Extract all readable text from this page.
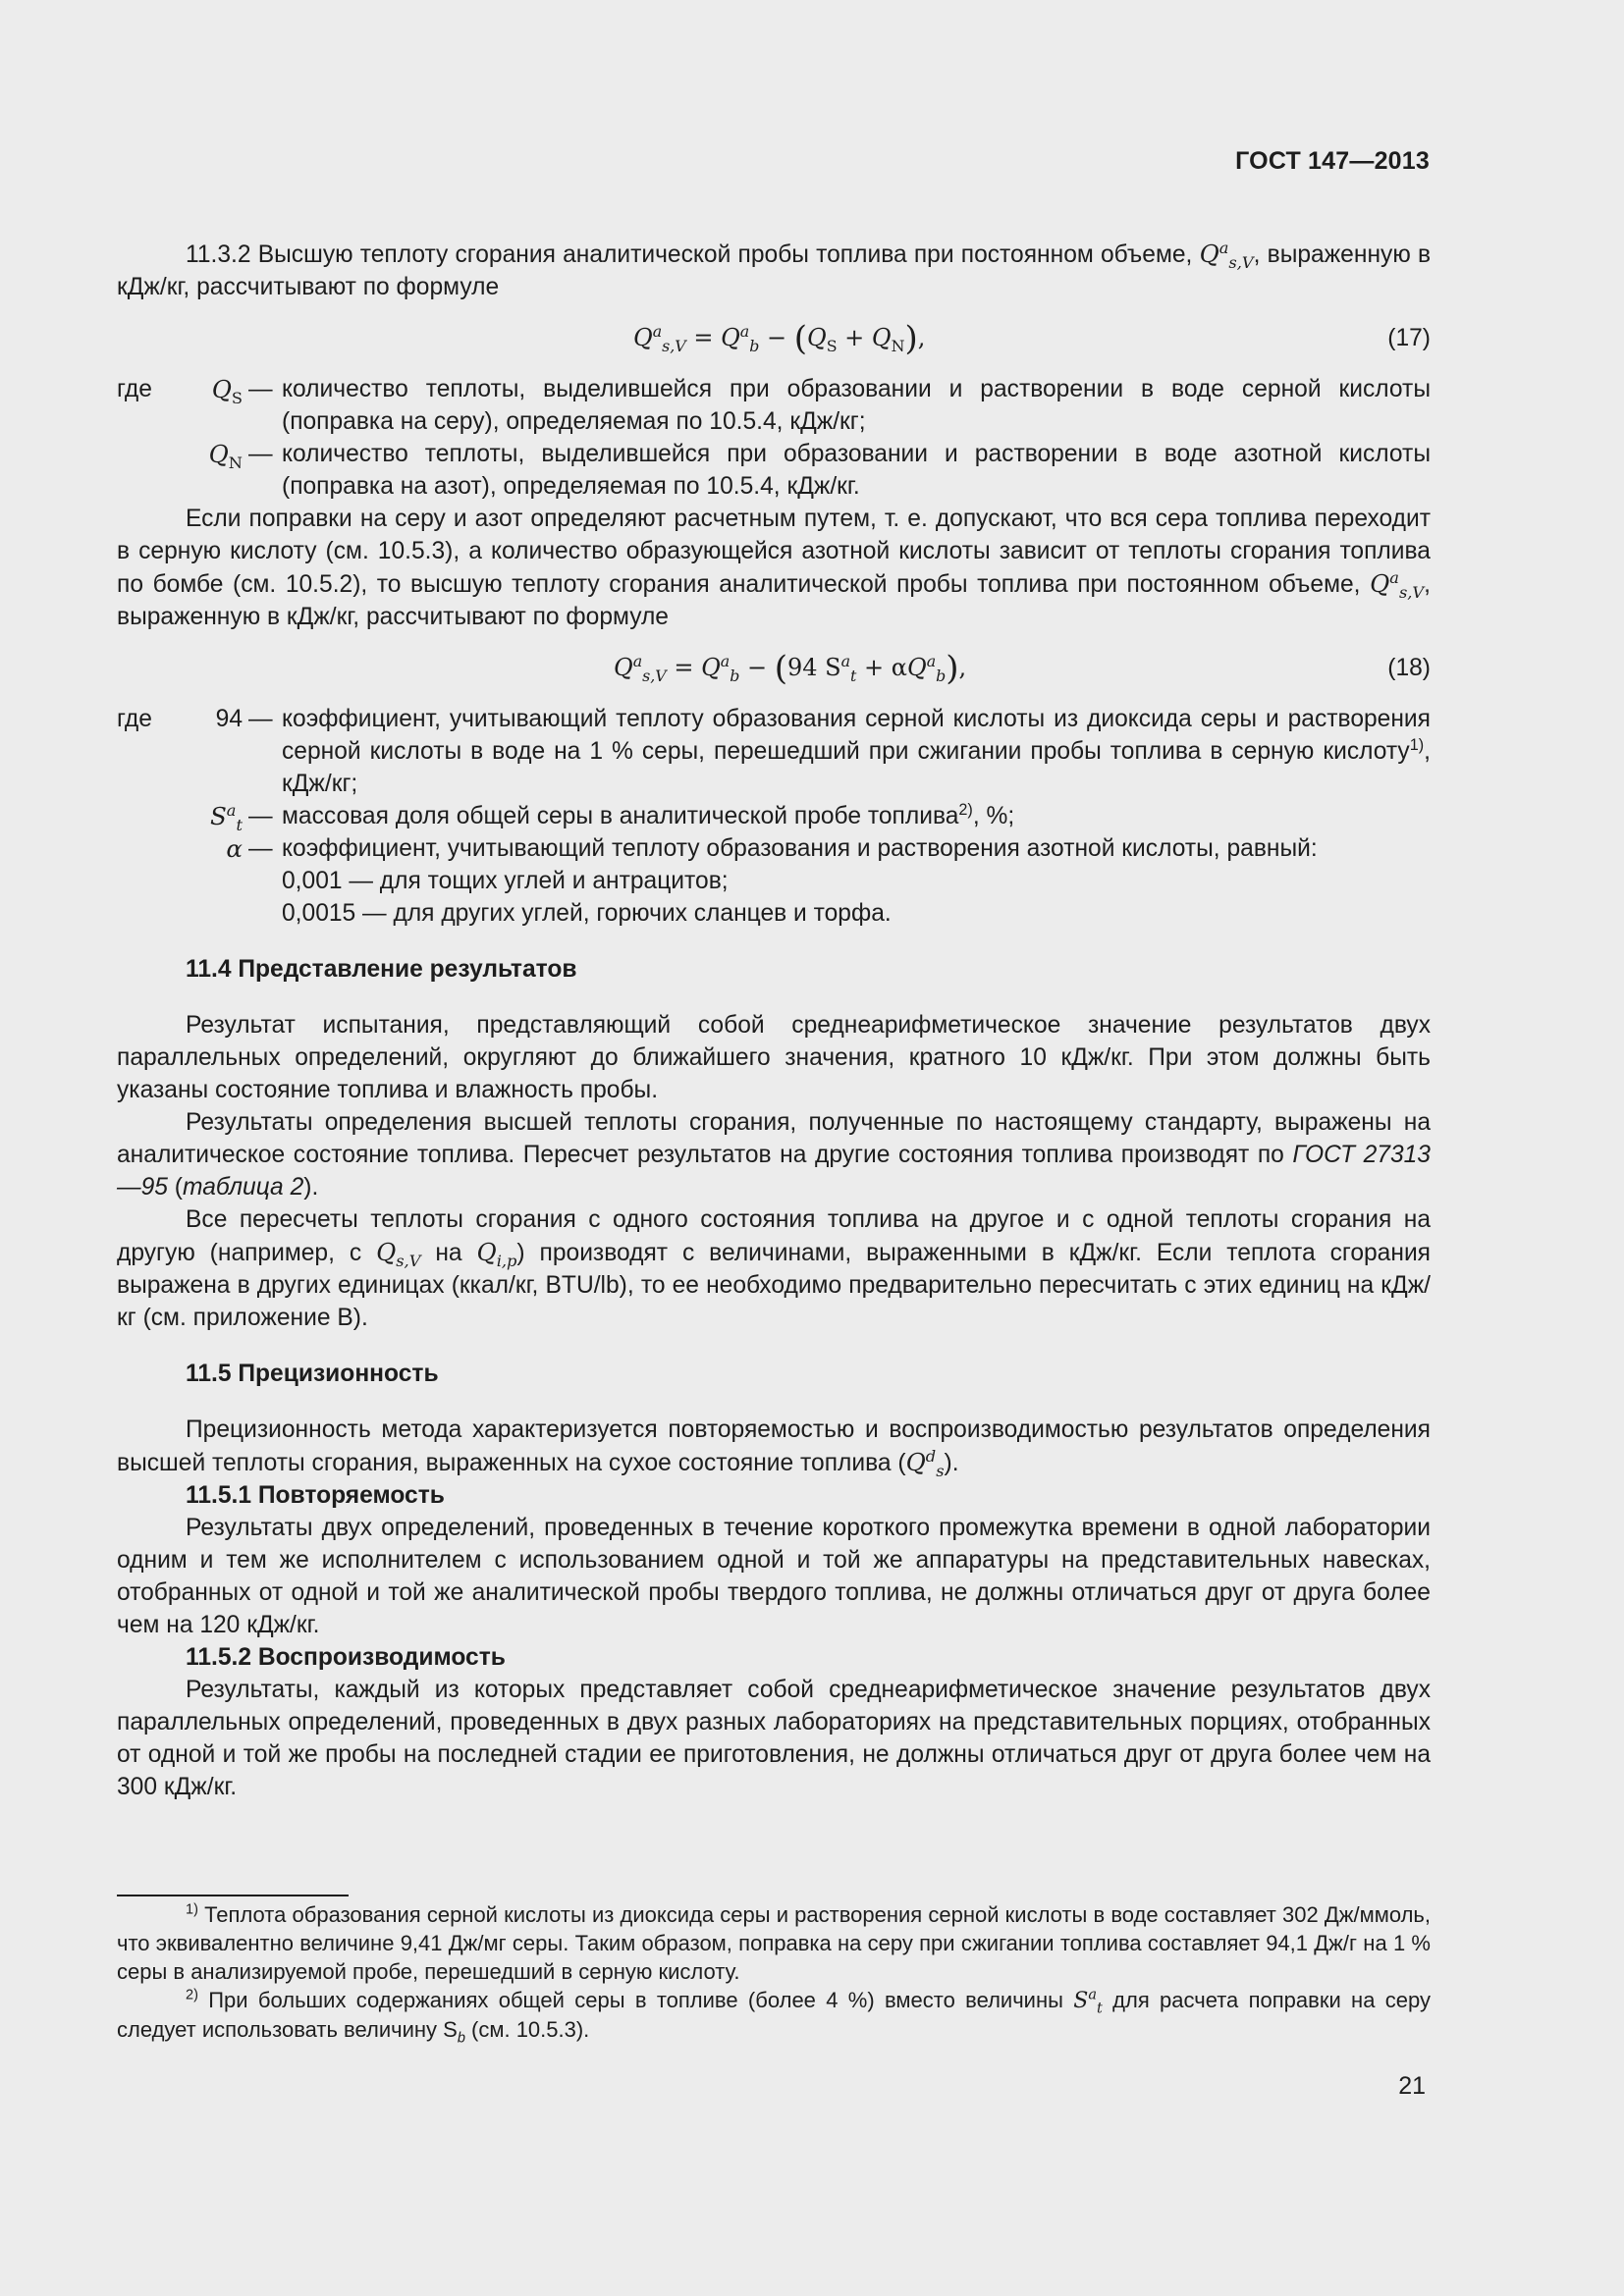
ГОСТ 147—2013

11.3.2 Высшую теплоту сгорания аналитической пробы топлива при постоянном объеме, $Q^a_{s,V}$, выраженную в кДж/кг, рассчитывают по формуле

$Q^a_{s,V} = Q^a_b - (Q_S + Q_N)$,	(17)
где	$Q_S$ — количество теплоты, выделившейся при образовании и растворении в воде серной кислоты (поправка на серу), определяемая по 10.5.4, кДж/кг;
$Q_N$ — количество теплоты, выделившейся при образовании и растворении в воде азотной кислоты (поправка на азот), определяемая по 10.5.4, кДж/кг.

Если поправки на серу и азот определяют расчетным путем, т. е. допускают, что вся сера топлива переходит в серную кислоту (см. 10.5.3), а количество образующейся азотной кислоты зависит от теплоты сгорания топлива по бомбе (см. 10.5.2), то высшую теплоту сгорания аналитической пробы топлива при постоянном объеме, $Q^a_{s,V}$, выраженную в кДж/кг, рассчитывают по формуле

$Q^a_{s,V} = Q^a_b - (94$ $S^a_t + \alpha Q^a_b$),	(18)
где	94 — коэффициент, учитывающий теплоту образования серной кислоты из диоксида серы и растворения серной кислоты в воде на 1 % серы, перешедший при сжигании пробы топлива в серную кислоту$^{1)}$, кДж/кг;
$S^a_t$ — массовая доля общей серы в аналитической пробе топлива$^{2)}$, %;
α — коэффициент, учитывающий теплоту образования и растворения азотной кислоты, равный:
0,001 — для тощих углей и антрацитов;
0,0015 — для других углей, горючих сланцев и торфа.
11.4 Представление результатов

Результат испытания, представляющий собой среднеарифметическое значение результатов двух параллельных определений, округляют до ближайшего значения, кратного 10 кДж/кг. При этом должны быть указаны состояние топлива и влажность пробы.

Результаты определения высшей теплоты сгорания, полученные по настоящему стандарту, выражены на аналитическое состояние топлива. Пересчет результатов на другие состояния топлива производят по ГОСТ 27313—95 (таблица 2).

Все пересчеты теплоты сгорания с одного состояния топлива на другое и с одной теплоты сгорания на другую (например, с $Q_{s,V}$ на $Q_{i,p}$) производят с величинами, выраженными в кДж/кг. Если теплота сгорания выражена в других единицах (ккал/кг, BTU/lb), то ее необходимо предварительно пересчитать с этих единиц на кДж/кг (см. приложение В).

11.5 Прецизионность

Прецизионность метода характеризуется повторяемостью и воспроизводимостью результатов определения высшей теплоты сгорания, выраженных на сухое состояние топлива $(Q^d_s)$.

11.5.1 Повторяемость

Результаты двух определений, проведенных в течение короткого промежутка времени в одной лаборатории одним и тем же исполнителем с использованием одной и той же аппаратуры на представительных навесках, отобранных от одной и той же аналитической пробы твердого топлива, не должны отличаться друг от друга более чем на 120 кДж/кг.

11.5.2 Воспроизводимость

Результаты, каждый из которых представляет собой среднеарифметическое значение результатов двух параллельных определений, проведенных в двух разных лабораториях на представительных порциях, отобранных от одной и той же пробы на последней стадии ее приготовления, не должны отличаться друг от друга более чем на 300 кДж/кг.

$^{1)}$ Теплота образования серной кислоты из диоксида серы и растворения серной кислоты в воде составляет 302 Дж/ммоль, что эквивалентно величине 9,41 Дж/мг серы. Таким образом, поправка на серу при сжигании топлива составляет 94,1 Дж/г на 1 % серы в анализируемой пробе, перешедший в серную кислоту.

$^{2)}$ При больших содержаниях общей серы в топливе (более 4 %) вместо величины $S^a_t$ для расчета поправки на серу следует использовать величину $S_b$ (см. 10.5.3).

21
